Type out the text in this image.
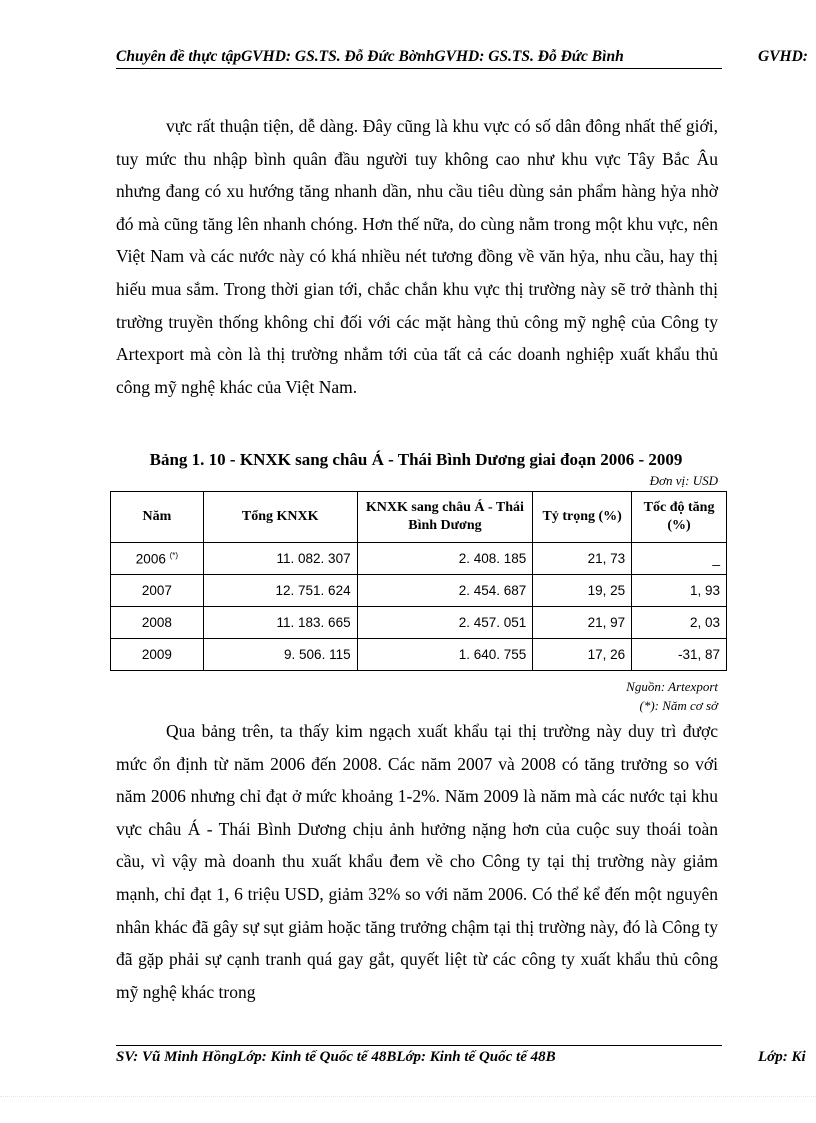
Chuyên đề thực tậpGVHD: GS.TS. Đỗ Đức BờnhGVHD: GS.TS. Đỗ Đức Bình	GVHD:

vực rất thuận tiện, dễ dàng. Đây cũng là khu vực có số dân đông nhất thế giới, tuy mức thu nhập bình quân đầu người tuy không cao như khu vực Tây Bắc Âu nhưng đang có xu hướng tăng nhanh dần, nhu cầu tiêu dùng sản phẩm hàng hỷa nhờ đó mà cũng tăng lên nhanh chóng. Hơn thế nữa, do cùng nằm trong một khu vực, nên Việt Nam và các nước này có khá nhiều nét tương đồng về văn hỷa, nhu cầu, hay thị hiếu mua sắm. Trong thời gian tới, chắc chắn khu vực thị trường này sẽ trở thành thị trường truyền thống không chỉ đối với các mặt hàng thủ công mỹ nghệ của Công ty Artexport mà còn là thị trường nhắm tới của tất cả các doanh nghiệp xuất khẩu thủ công mỹ nghệ khác của Việt Nam.

Bảng 1. 10 - KNXK sang châu Á - Thái Bình Dương giai đoạn 2006 - 2009
Đơn vị: USD
Năm	Tổng KNXK	KNXK sang châu Á - Thái Bình Dương	Tỷ trọng (%)	Tốc độ tăng (%)
2006 (*)	11. 082. 307	2. 408. 185	21, 73	_
2007	12. 751. 624	2. 454. 687	19, 25	1, 93
2008	11. 183. 665	2. 457. 051	21, 97	2, 03
2009	9. 506. 115	1. 640. 755	17, 26	-31, 87
Nguồn: Artexport
(*): Năm cơ sở

Qua bảng trên, ta thấy kim ngạch xuất khẩu tại thị trường này duy trì được mức ổn định từ năm 2006 đến 2008. Các năm 2007 và 2008 có tăng trưởng so với năm 2006 nhưng chỉ đạt ở mức khoảng 1-2%. Năm 2009 là năm mà các nước tại khu vực châu Á - Thái Bình Dương chịu ảnh hưởng nặng hơn của cuộc suy thoái toàn cầu, vì vậy mà doanh thu xuất khẩu đem về cho Công ty tại thị trường này giảm mạnh, chỉ đạt 1, 6 triệu USD, giảm 32% so với năm 2006. Có thể kể đến một nguyên nhân khác đã gây sự sụt giảm hoặc tăng trưởng chậm tại thị trường này, đó là Công ty đã gặp phải sự cạnh tranh quá gay gắt, quyết liệt từ các công ty xuất khẩu thủ công mỹ nghệ khác trong

SV: Vũ Minh HồngLớp: Kinh tế Quốc tế 48BLớp: Kinh tế Quốc tế 48B	Lớp: Ki
